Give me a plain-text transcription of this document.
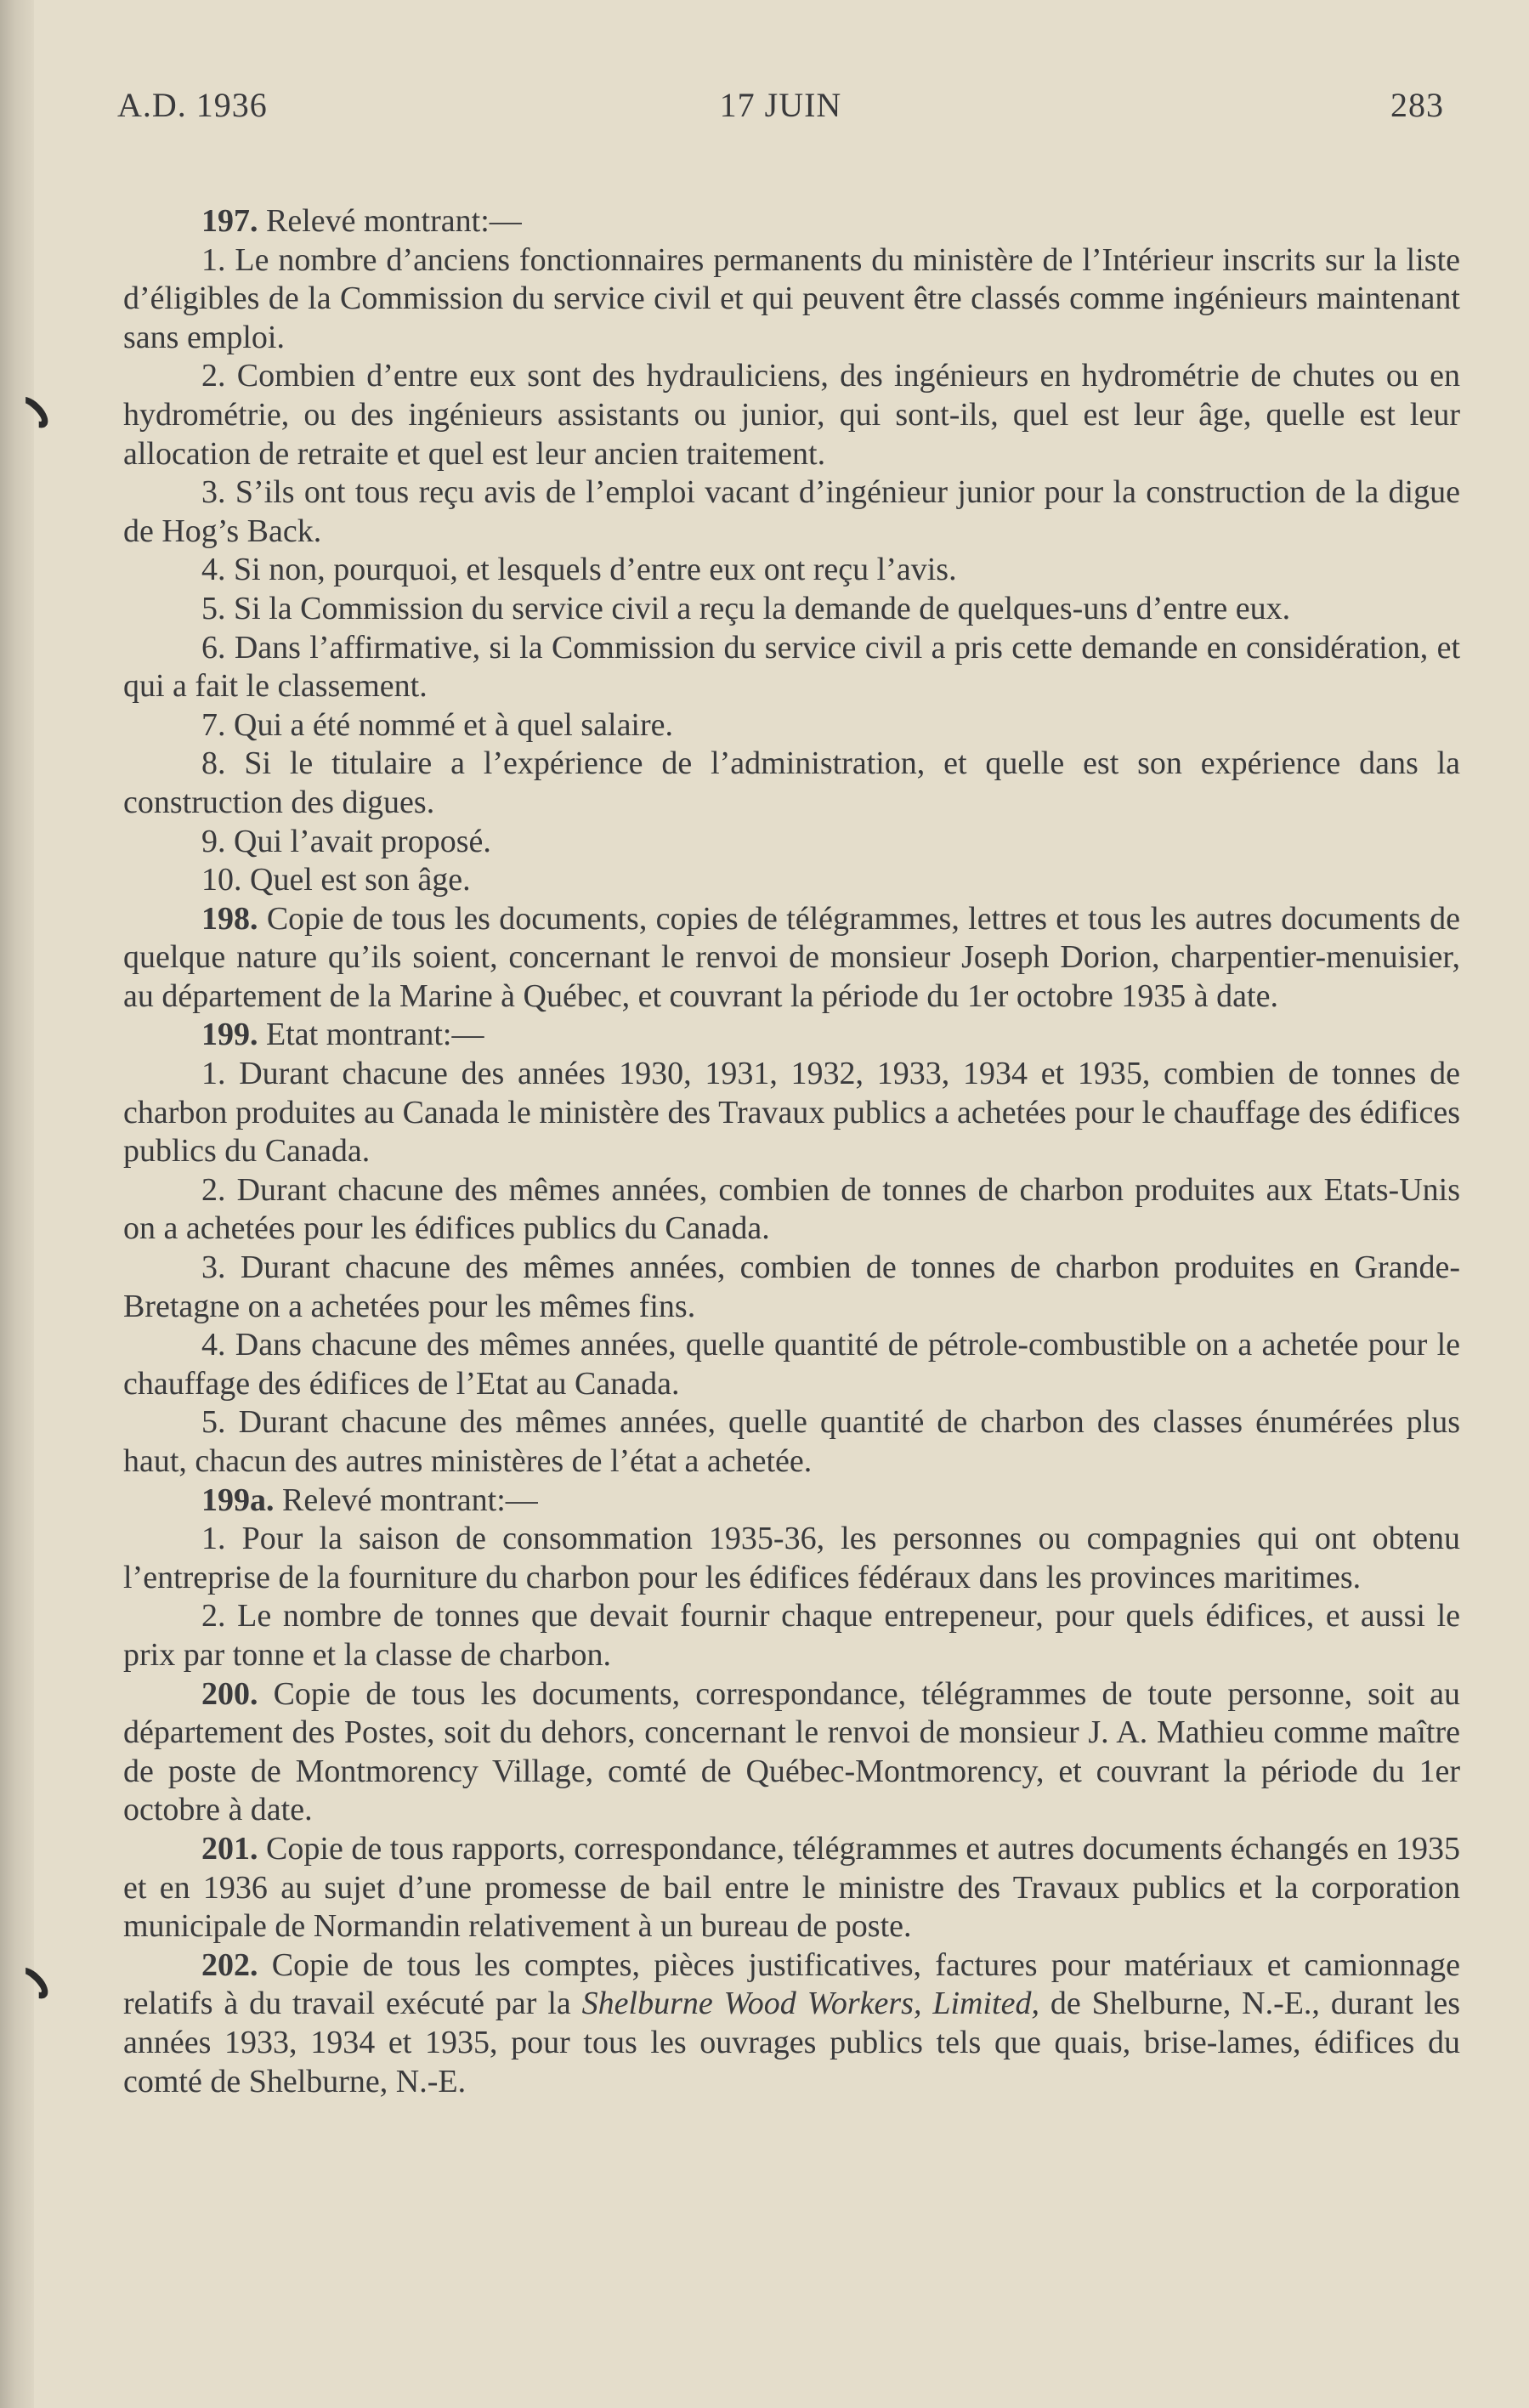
A.D. 1936	17 JUIN	283

197. Relevé montrant:—

1. Le nombre d’anciens fonctionnaires permanents du ministère de l’Intérieur inscrits sur la liste d’éligibles de la Commission du service civil et qui peuvent être classés comme ingénieurs maintenant sans emploi.

2. Combien d’entre eux sont des hydrauliciens, des ingénieurs en hydrométrie de chutes ou en hydrométrie, ou des ingénieurs assistants ou junior, qui sont-ils, quel est leur âge, quelle est leur allocation de retraite et quel est leur ancien traitement.

3. S’ils ont tous reçu avis de l’emploi vacant d’ingénieur junior pour la construction de la digue de Hog’s Back.

4. Si non, pourquoi, et lesquels d’entre eux ont reçu l’avis.

5. Si la Commission du service civil a reçu la demande de quelques-uns d’entre eux.

6. Dans l’affirmative, si la Commission du service civil a pris cette demande en considération, et qui a fait le classement.

7. Qui a été nommé et à quel salaire.

8. Si le titulaire a l’expérience de l’administration, et quelle est son expérience dans la construction des digues.

9. Qui l’avait proposé.

10. Quel est son âge.

198. Copie de tous les documents, copies de télégrammes, lettres et tous les autres documents de quelque nature qu’ils soient, concernant le renvoi de monsieur Joseph Dorion, charpentier-menuisier, au département de la Marine à Québec, et couvrant la période du 1er octobre 1935 à date.

199. Etat montrant:—

1. Durant chacune des années 1930, 1931, 1932, 1933, 1934 et 1935, combien de tonnes de charbon produites au Canada le ministère des Travaux publics a achetées pour le chauffage des édifices publics du Canada.

2. Durant chacune des mêmes années, combien de tonnes de charbon produites aux Etats-Unis on a achetées pour les édifices publics du Canada.

3. Durant chacune des mêmes années, combien de tonnes de charbon produites en Grande-Bretagne on a achetées pour les mêmes fins.

4. Dans chacune des mêmes années, quelle quantité de pétrole-combustible on a achetée pour le chauffage des édifices de l’Etat au Canada.

5. Durant chacune des mêmes années, quelle quantité de charbon des classes énumérées plus haut, chacun des autres ministères de l’état a achetée.

199a. Relevé montrant:—

1. Pour la saison de consommation 1935-36, les personnes ou compagnies qui ont obtenu l’entreprise de la fourniture du charbon pour les édifices fédéraux dans les provinces maritimes.

2. Le nombre de tonnes que devait fournir chaque entrepeneur, pour quels édifices, et aussi le prix par tonne et la classe de charbon.

200. Copie de tous les documents, correspondance, télégrammes de toute personne, soit au département des Postes, soit du dehors, concernant le renvoi de monsieur J. A. Mathieu comme maître de poste de Montmorency Village, comté de Québec-Montmorency, et couvrant la période du 1er octobre à date.

201. Copie de tous rapports, correspondance, télégrammes et autres documents échangés en 1935 et en 1936 au sujet d’une promesse de bail entre le ministre des Travaux publics et la corporation municipale de Normandin relativement à un bureau de poste.

202. Copie de tous les comptes, pièces justificatives, factures pour matériaux et camionnage relatifs à du travail exécuté par la Shelburne Wood Workers, Limited, de Shelburne, N.-E., durant les années 1933, 1934 et 1935, pour tous les ouvrages publics tels que quais, brise-lames, édifices du comté de Shelburne, N.-E.
